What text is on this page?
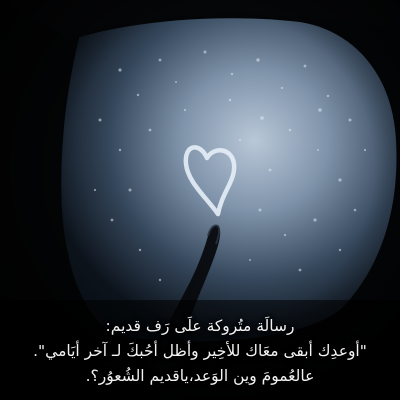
رسالَة متُروكة علَى رَف قديم:
"أوعدِك أبقى معَاك للأخِير وأظل أحُبكَ لـ آخر أيَامي".
عالعُمومَ وين الوَعد،ياقديم الشُعوُر؟.
